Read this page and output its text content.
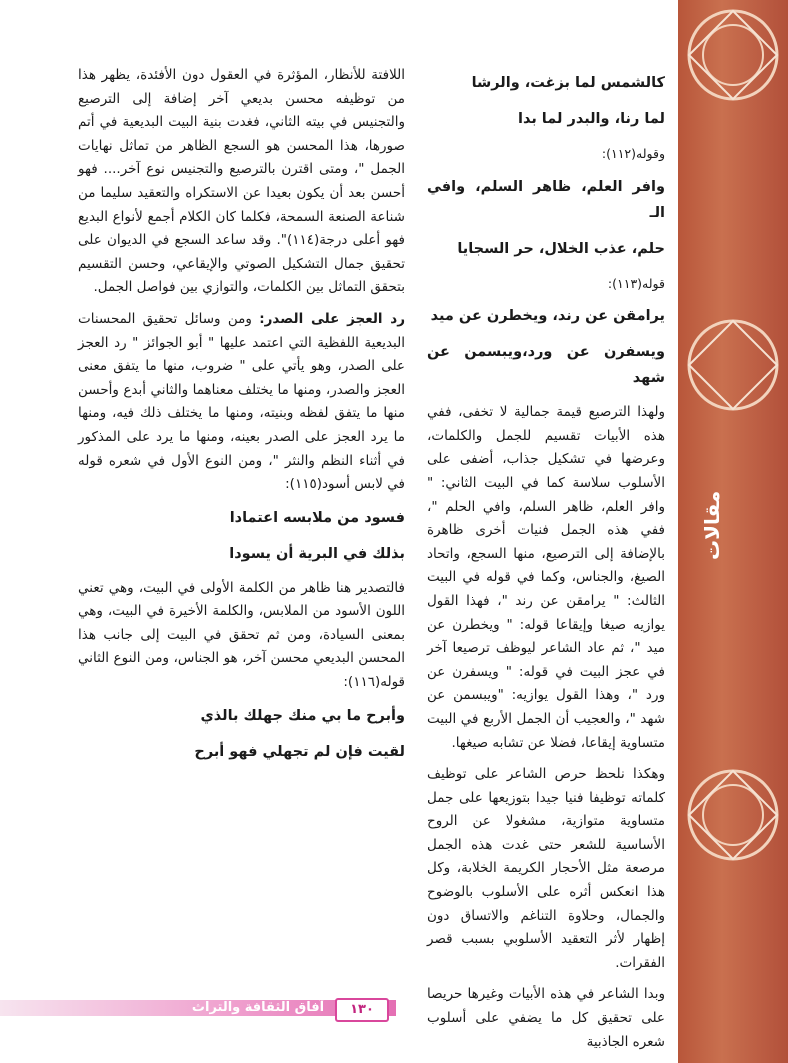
مقالات
كالشمس لما بزغت، والرشا
لما رنا، والبدر لما بدا
وقوله(١١٢):
وافر العلم، ظاهر السلم، وافي الـ
حلم، عذب الخلال، حر السجايا
قوله(١١٣):
يرامقن عن رند، ويخطرن عن ميد
ويسفرن عن ورد،ويبسمن عن شهد

ولهذا الترصيع قيمة جمالية لا تخفى، ففي هذه الأبيات تقسيم للجمل والكلمات، وعرضها في تشكيل جذاب، أضفى على الأسلوب سلاسة كما في البيت الثاني: " وافر العلم، ظاهر السلم، وافي الحلم "، ففي هذه الجمل فنيات أخرى ظاهرة بالإضافة إلى الترصيع، منها السجع، واتحاد الصيغ، والجناس، وكما في قوله في البيت الثالث: " يرامقن عن رند "، فهذا القول يوازيه صيغا وإيقاعا قوله: " ويخطرن عن ميد "، ثم عاد الشاعر ليوظف ترصيعا آخر في عجز البيت في قوله: " ويسفرن عن ورد "، وهذا القول يوازيه: "ويبسمن عن شهد "، والعجيب أن الجمل الأربع في البيت متساوية إيقاعا، فضلا عن تشابه صيغها.

وهكذا نلحظ حرص الشاعر على توظيف كلماته توظيفا فنيا جيدا بتوزيعها على جمل متساوية متوازية، مشغولا عن الروح الأساسية للشعر حتى غدت هذه الجمل مرصعة مثل الأحجار الكريمة الخلابة، وكل هذا انعكس أثره على الأسلوب بالوضوح والجمال، وحلاوة التناغم والاتساق دون إظهار لأثر التعقيد الأسلوبي بسبب قصر الفقرات.

وبدا الشاعر في هذه الأبيات وغيرها حريصا على تحقيق كل ما يضفي على أسلوب شعره الجاذبية

اللافتة للأنظار، المؤثرة في العقول دون الأفئدة، يظهر هذا من توظيفه محسن بديعي آخر إضافة إلى الترصيع والتجنيس في بيته الثاني، فغدت بنية البيت البديعية في أتم صورها، هذا المحسن هو السجع الظاهر من تماثل نهايات الجمل "، ومتى اقترن بالترصيع والتجنيس نوع آخر.... فهو أحسن بعد أن يكون بعيدا عن الاستكراه والتعقيد سليما من شناعة الصنعة السمحة، فكلما كان الكلام أجمع لأنواع البديع فهو أعلى درجة(١١٤)". وقد ساعد السجع في الديوان على تحقيق جمال التشكيل الصوتي والإيقاعي، وحسن التقسيم بتحقق التماثل بين الكلمات، والتوازي بين فواصل الجمل.

رد العجز على الصدر: ومن وسائل تحقيق المحسنات البديعية اللفظية التي اعتمد عليها " أبو الجوائز " رد العجز على الصدر، وهو يأتي على " ضروب، منها ما يتفق معنى العجز والصدر، ومنها ما يختلف معناهما والثاني أبدع وأحسن منها ما يتفق لفظه وبنيته، ومنها ما يختلف ذلك فيه، ومنها ما يرد العجز على الصدر بعينه، ومنها ما يرد على المذكور في أثناء النظم والنثر "، ومن النوع الأول في شعره قوله في لابس أسود(١١٥):

فسود من ملابسه اعتمادا
بذلك في البرية أن يسودا

فالتصدير هنا ظاهر من الكلمة الأولى في البيت، وهي تعني اللون الأسود من الملابس، والكلمة الأخيرة في البيت، وهي بمعنى السيادة، ومن ثم تحقق في البيت إلى جانب هذا المحسن البديعي محسن آخر، هو الجناس، ومن النوع الثاني قوله(١١٦):

وأبرح ما بي منك جهلك بالذي
لقيت فإن لم تجهلي فهو أبرح
آفاق الثقافة والتراث	١٣٠
